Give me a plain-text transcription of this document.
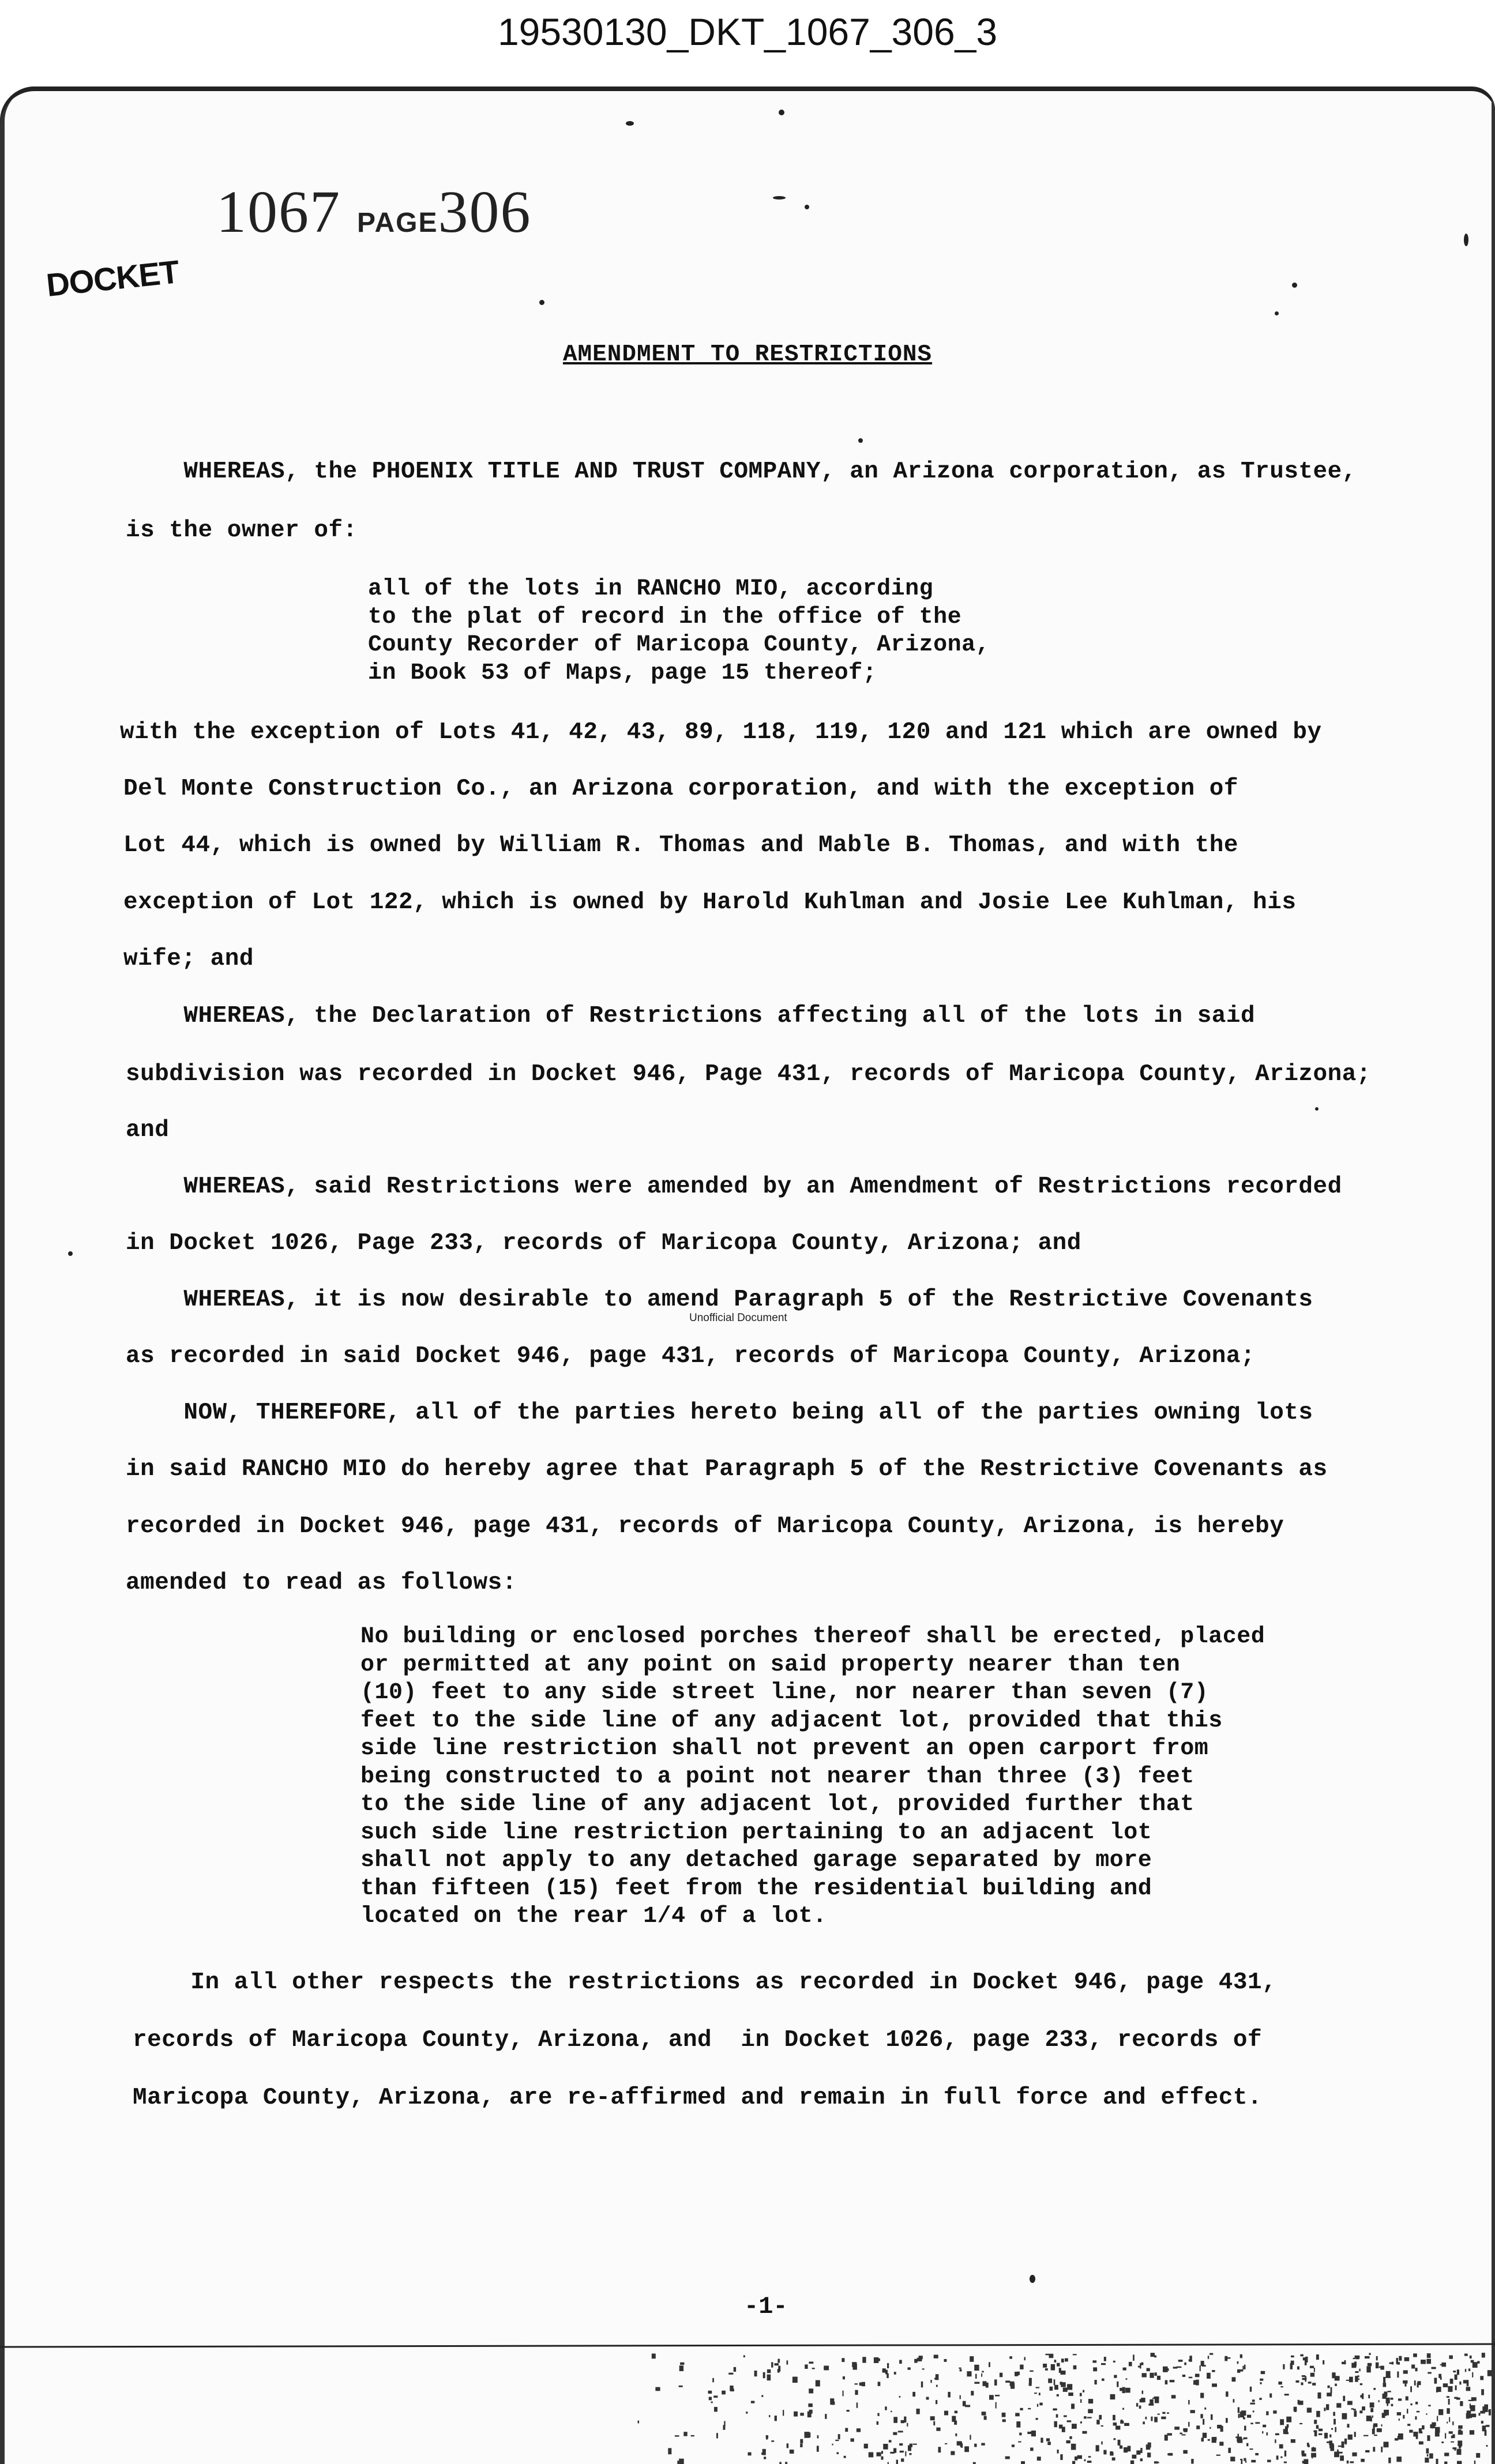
19530130_DKT_1067_306_3
1067 PAGE306
DOCKET
AMENDMENT TO RESTRICTIONS
WHEREAS, the PHOENIX TITLE AND TRUST COMPANY, an Arizona corporation, as Trustee,
is the owner of:
all of the lots in RANCHO MIO, according
to the plat of record in the office of the
County Recorder of Maricopa County, Arizona,
in Book 53 of Maps, page 15 thereof;
with the exception of Lots 41, 42, 43, 89, 118, 119, 120 and 121 which are owned by
Del Monte Construction Co., an Arizona corporation, and with the exception of
Lot 44, which is owned by William R. Thomas and Mable B. Thomas, and with the
exception of Lot 122, which is owned by Harold Kuhlman and Josie Lee Kuhlman, his
wife; and
WHEREAS, the Declaration of Restrictions affecting all of the lots in said
subdivision was recorded in Docket 946, Page 431, records of Maricopa County, Arizona;
and
WHEREAS, said Restrictions were amended by an Amendment of Restrictions recorded
in Docket 1026, Page 233, records of Maricopa County, Arizona; and
WHEREAS, it is now desirable to amend Paragraph 5 of the Restrictive Covenants
as recorded in said Docket 946, page 431, records of Maricopa County, Arizona;
NOW, THEREFORE, all of the parties hereto being all of the parties owning lots
in said RANCHO MIO do hereby agree that Paragraph 5 of the Restrictive Covenants as
recorded in Docket 946, page 431, records of Maricopa County, Arizona, is hereby
amended to read as follows:
No building or enclosed porches thereof shall be erected, placed
or permitted at any point on said property nearer than ten
(10) feet to any side street line, nor nearer than seven (7)
feet to the side line of any adjacent lot, provided that this
side line restriction shall not prevent an open carport from
being constructed to a point not nearer than three (3) feet
to the side line of any adjacent lot, provided further that
such side line restriction pertaining to an adjacent lot
shall not apply to any detached garage separated by more
than fifteen (15) feet from the residential building and
located on the rear 1/4 of a lot.
In all other respects the restrictions as recorded in Docket 946, page 431,
records of Maricopa County, Arizona, and  in Docket 1026, page 233, records of
Maricopa County, Arizona, are re-affirmed and remain in full force and effect.
Unofficial Document
-1-
